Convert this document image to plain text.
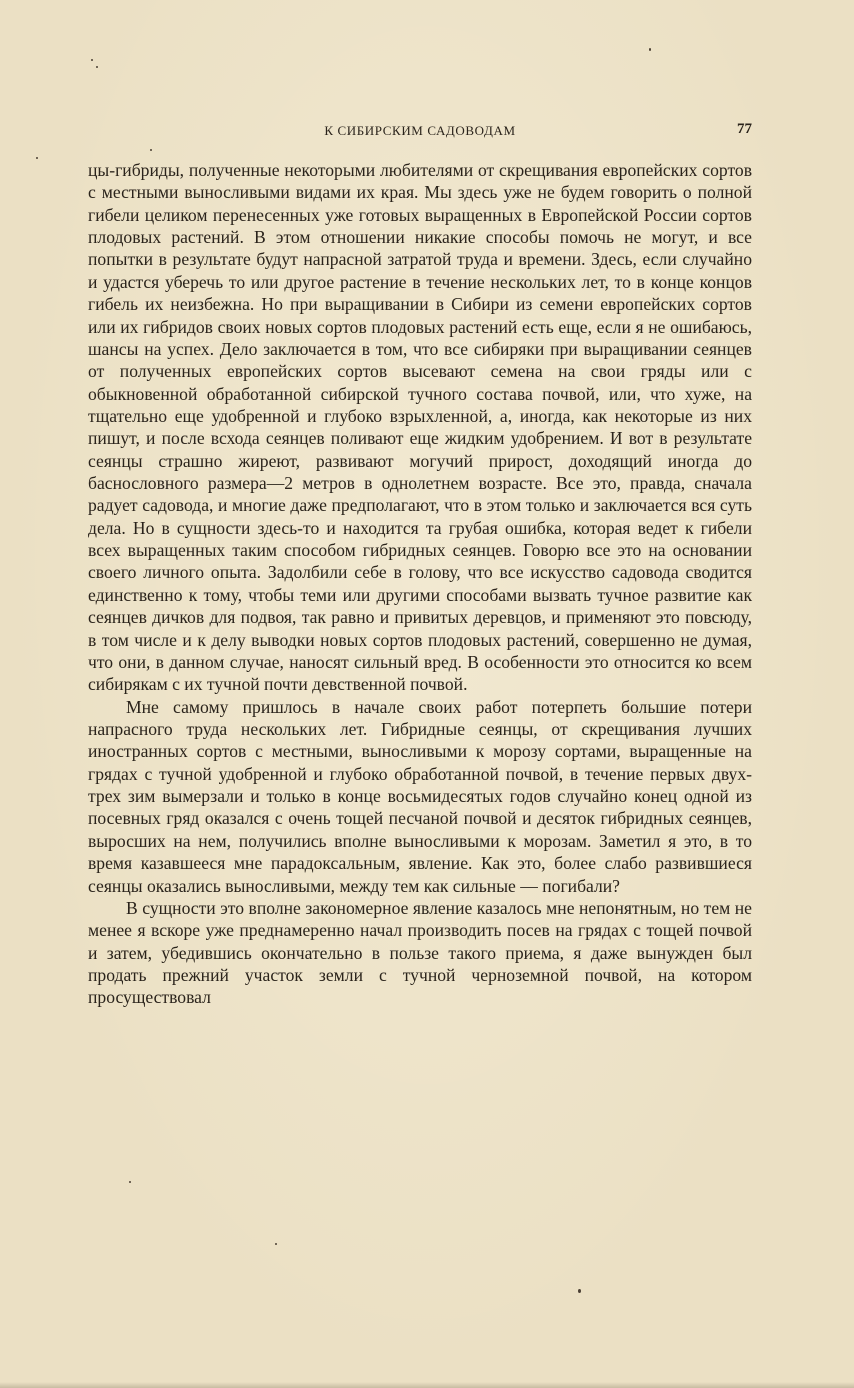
К СИБИРСКИМ САДОВОДАМ	77

цы-гибриды, полученные некоторыми любителями от скрещивания европейских сортов с местными выносливыми видами их края. Мы здесь уже не будем говорить о полной гибели целиком перенесенных уже готовых выращенных в Европейской России сортов плодовых растений. В этом отношении никакие способы помочь не могут, и все попытки в результате будут напрасной затратой труда и времени. Здесь, если случайно и удастся уберечь то или другое растение в течение нескольких лет, то в конце концов гибель их неизбежна. Но при выращивании в Сибири из семени европейских сортов или их гибридов своих новых сортов плодовых растений есть еще, если я не ошибаюсь, шансы на успех. Дело заключается в том, что все сибиряки при выращивании сеянцев от полученных европейских сортов высевают семена на свои гряды или с обыкновенной обработанной сибирской тучного состава почвой, или, что хуже, на тщательно еще удобренной и глубоко взрыхленной, а, иногда, как некоторые из них пишут, и после всхода сеянцев поливают еще жидким удобрением. И вот в результате сеянцы страшно жиреют, развивают могучий прирост, доходящий иногда до баснословного размера—2 метров в однолетнем возрасте. Все это, правда, сначала радует садовода, и многие даже предполагают, что в этом только и заключается вся суть дела. Но в сущности здесь-то и находится та грубая ошибка, которая ведет к гибели всех выращенных таким способом гибридных сеянцев. Говорю все это на основании своего личного опыта. Задолбили себе в голову, что все искусство садовода сводится единственно к тому, чтобы теми или другими способами вызвать тучное развитие как сеянцев дичков для подвоя, так равно и привитых деревцов, и применяют это повсюду, в том числе и к делу выводки новых сортов плодовых растений, совершенно не думая, что они, в данном случае, наносят сильный вред. В особенности это относится ко всем сибирякам с их тучной почти девственной почвой.

Мне самому пришлось в начале своих работ потерпеть большие потери напрасного труда нескольких лет. Гибридные сеянцы, от скрещивания лучших иностранных сортов с местными, выносливыми к морозу сортами, выращенные на грядах с тучной удобренной и глубоко обработанной почвой, в течение первых двух-трех зим вымерзали и только в конце восьмидесятых годов случайно конец одной из посевных гряд оказался с очень тощей песчаной почвой и десяток гибридных сеянцев, выросших на нем, получились вполне выносливыми к морозам. Заметил я это, в то время казавшееся мне парадоксальным, явление. Как это, более слабо развившиеся сеянцы оказались выносливыми, между тем как сильные — погибали?

В сущности это вполне закономерное явление казалось мне непонятным, но тем не менее я вскоре уже преднамеренно начал производить посев на грядах с тощей почвой и затем, убедившись окончательно в пользе такого приема, я даже вынужден был продать прежний участок земли с тучной черноземной почвой, на котором просуществовал
